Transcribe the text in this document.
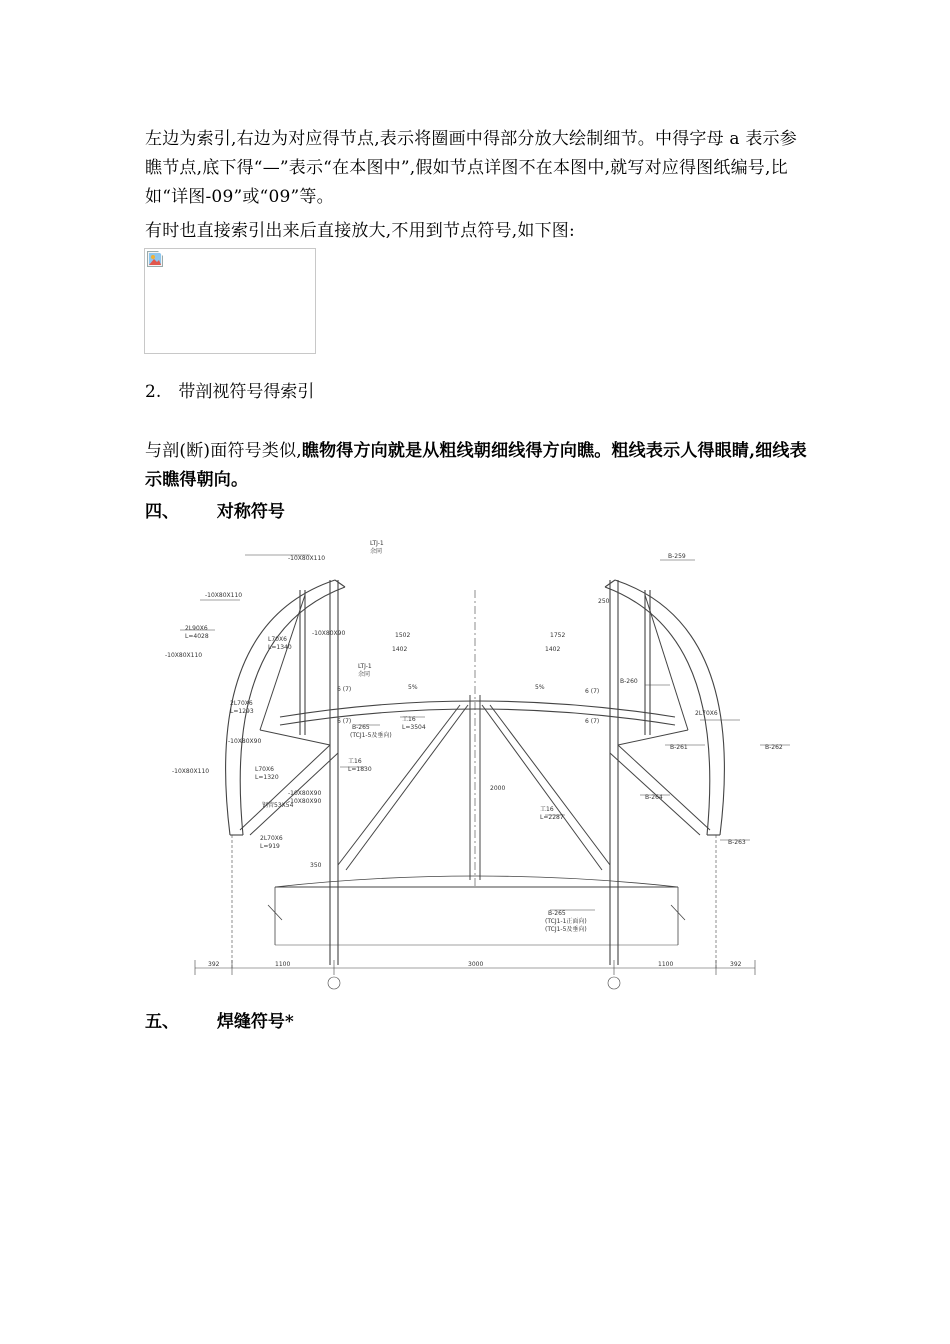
左边为索引,右边为对应得节点,表示将圈画中得部分放大绘制细节。中得字母 a 表示参瞧节点,底下得“—”表示“在本图中”,假如节点详图不在本图中,就写对应得图纸编号,比如“详图-09”或“09”等。
有时也直接索引出来后直接放大,不用到节点符号,如下图:
2. 带剖视符号得索引
与剖(断)面符号类似,瞧物得方向就是从粗线朝细线得方向瞧。粗线表示人得眼睛,细线表示瞧得朝向。
四、 对称符号
LTJ-1
余同
-10X80X110
-10X80X110
2L90X6
L=4028
-10X80X110
L70X6
L=1340
-10X80X90
2L70X6
L=1293
-10X80X90
-10X80X110	L70X6
L=1320
-10X80X90
-10X80X90
钢管53X54
2L70X6
L=919
1502	1752
1402	1402
LTJ-1
余同
5%	5%
6 (7)
6 (7)
6 (7)
6 (7)
B-265
(TCJ1-5及垂向)
工16
L=3504
工16
L=1830
工16
L=2287
2000
B-259
B-260
B-261	B-262
B-263
B-264
2L70X6
B-265
(TCJ1-1正面向)
(TCJ1-5及垂向)
392	1100	3000	1100	392
250
350
五、 焊缝符号*
